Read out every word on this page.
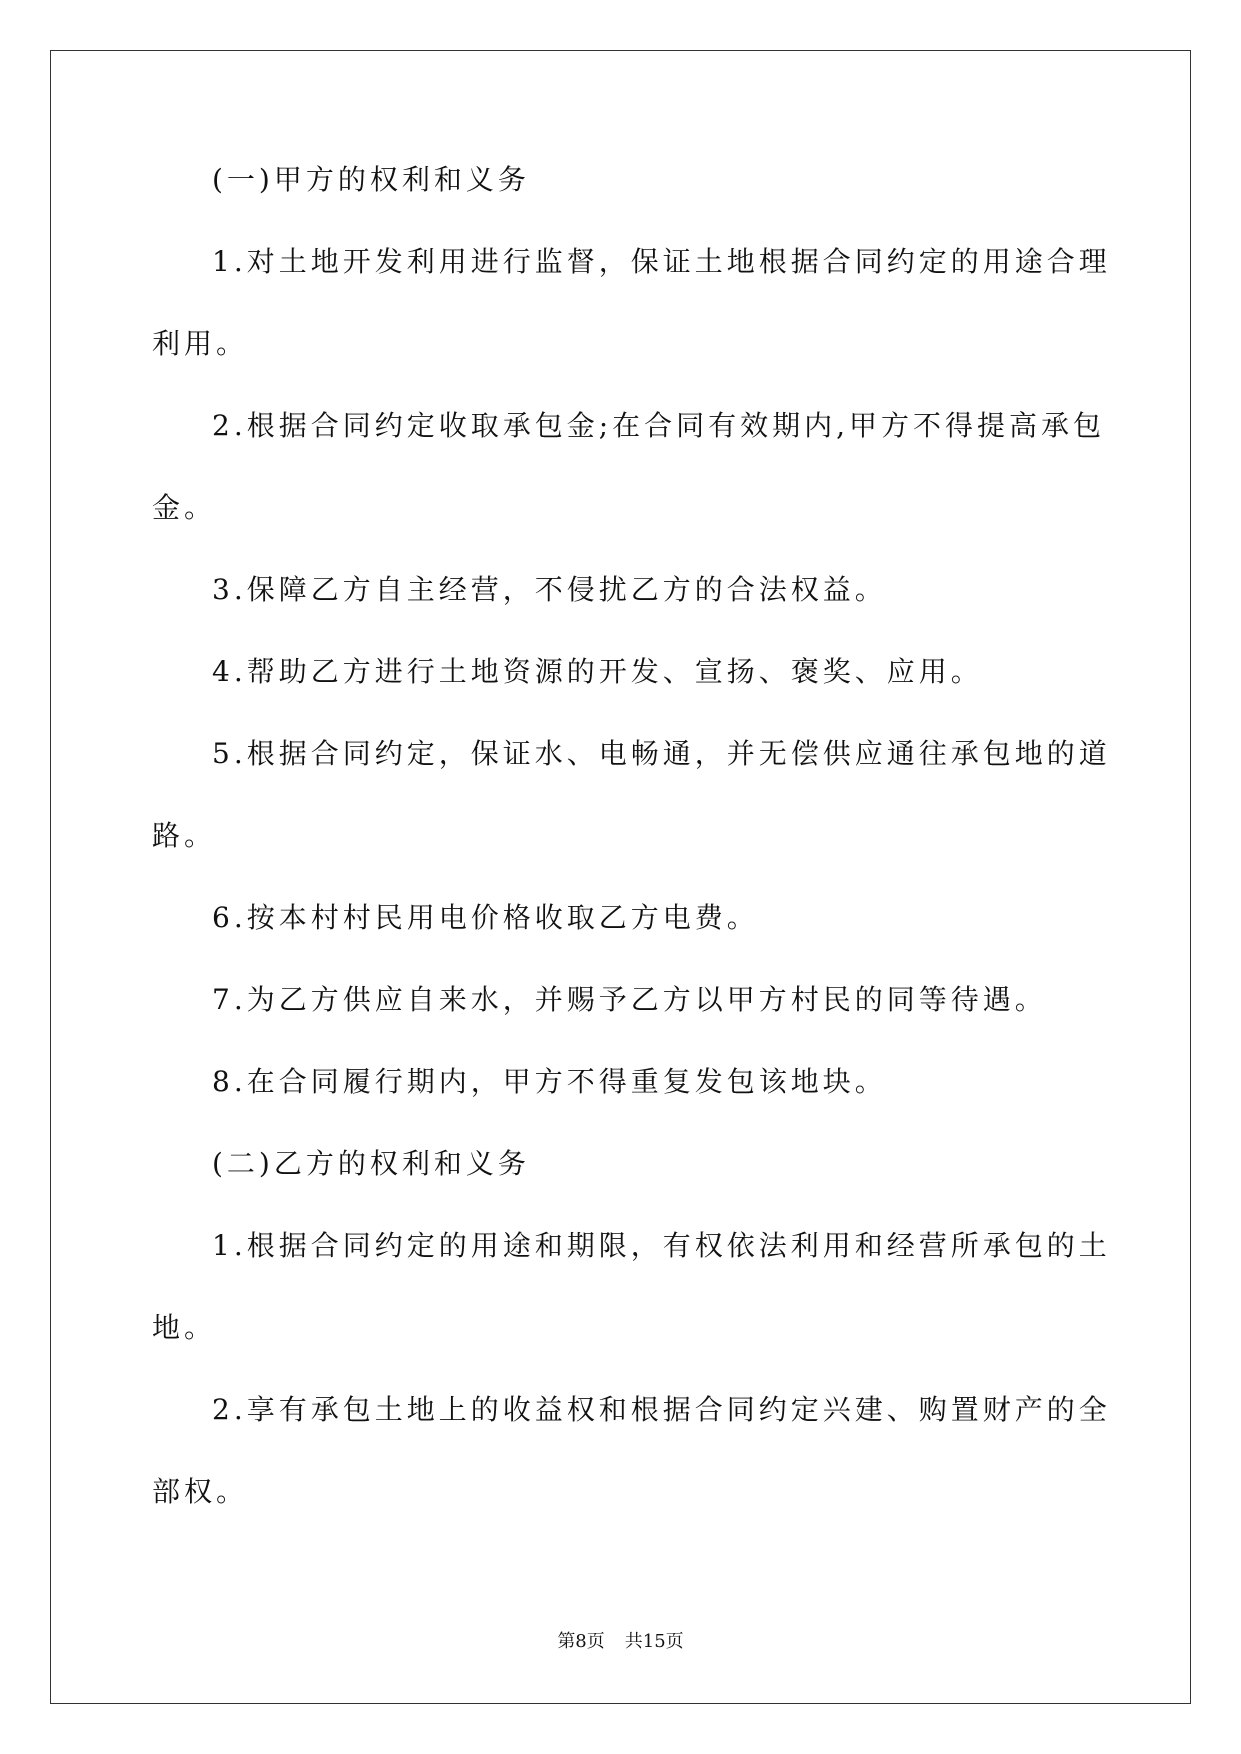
(一)甲方的权利和义务
1.对土地开发利用进行监督，保证土地根据合同约定的用途合理
利用。
2.根据合同约定收取承包金;在合同有效期内,甲方不得提高承包
金。
3.保障乙方自主经营，不侵扰乙方的合法权益。
4.帮助乙方进行土地资源的开发、宣扬、褒奖、应用。
5.根据合同约定，保证水、电畅通，并无偿供应通往承包地的道
路。
6.按本村村民用电价格收取乙方电费。
7.为乙方供应自来水，并赐予乙方以甲方村民的同等待遇。
8.在合同履行期内，甲方不得重复发包该地块。
(二)乙方的权利和义务
1.根据合同约定的用途和期限，有权依法利用和经营所承包的土
地。
2.享有承包土地上的收益权和根据合同约定兴建、购置财产的全
部权。
第8页 共15页
